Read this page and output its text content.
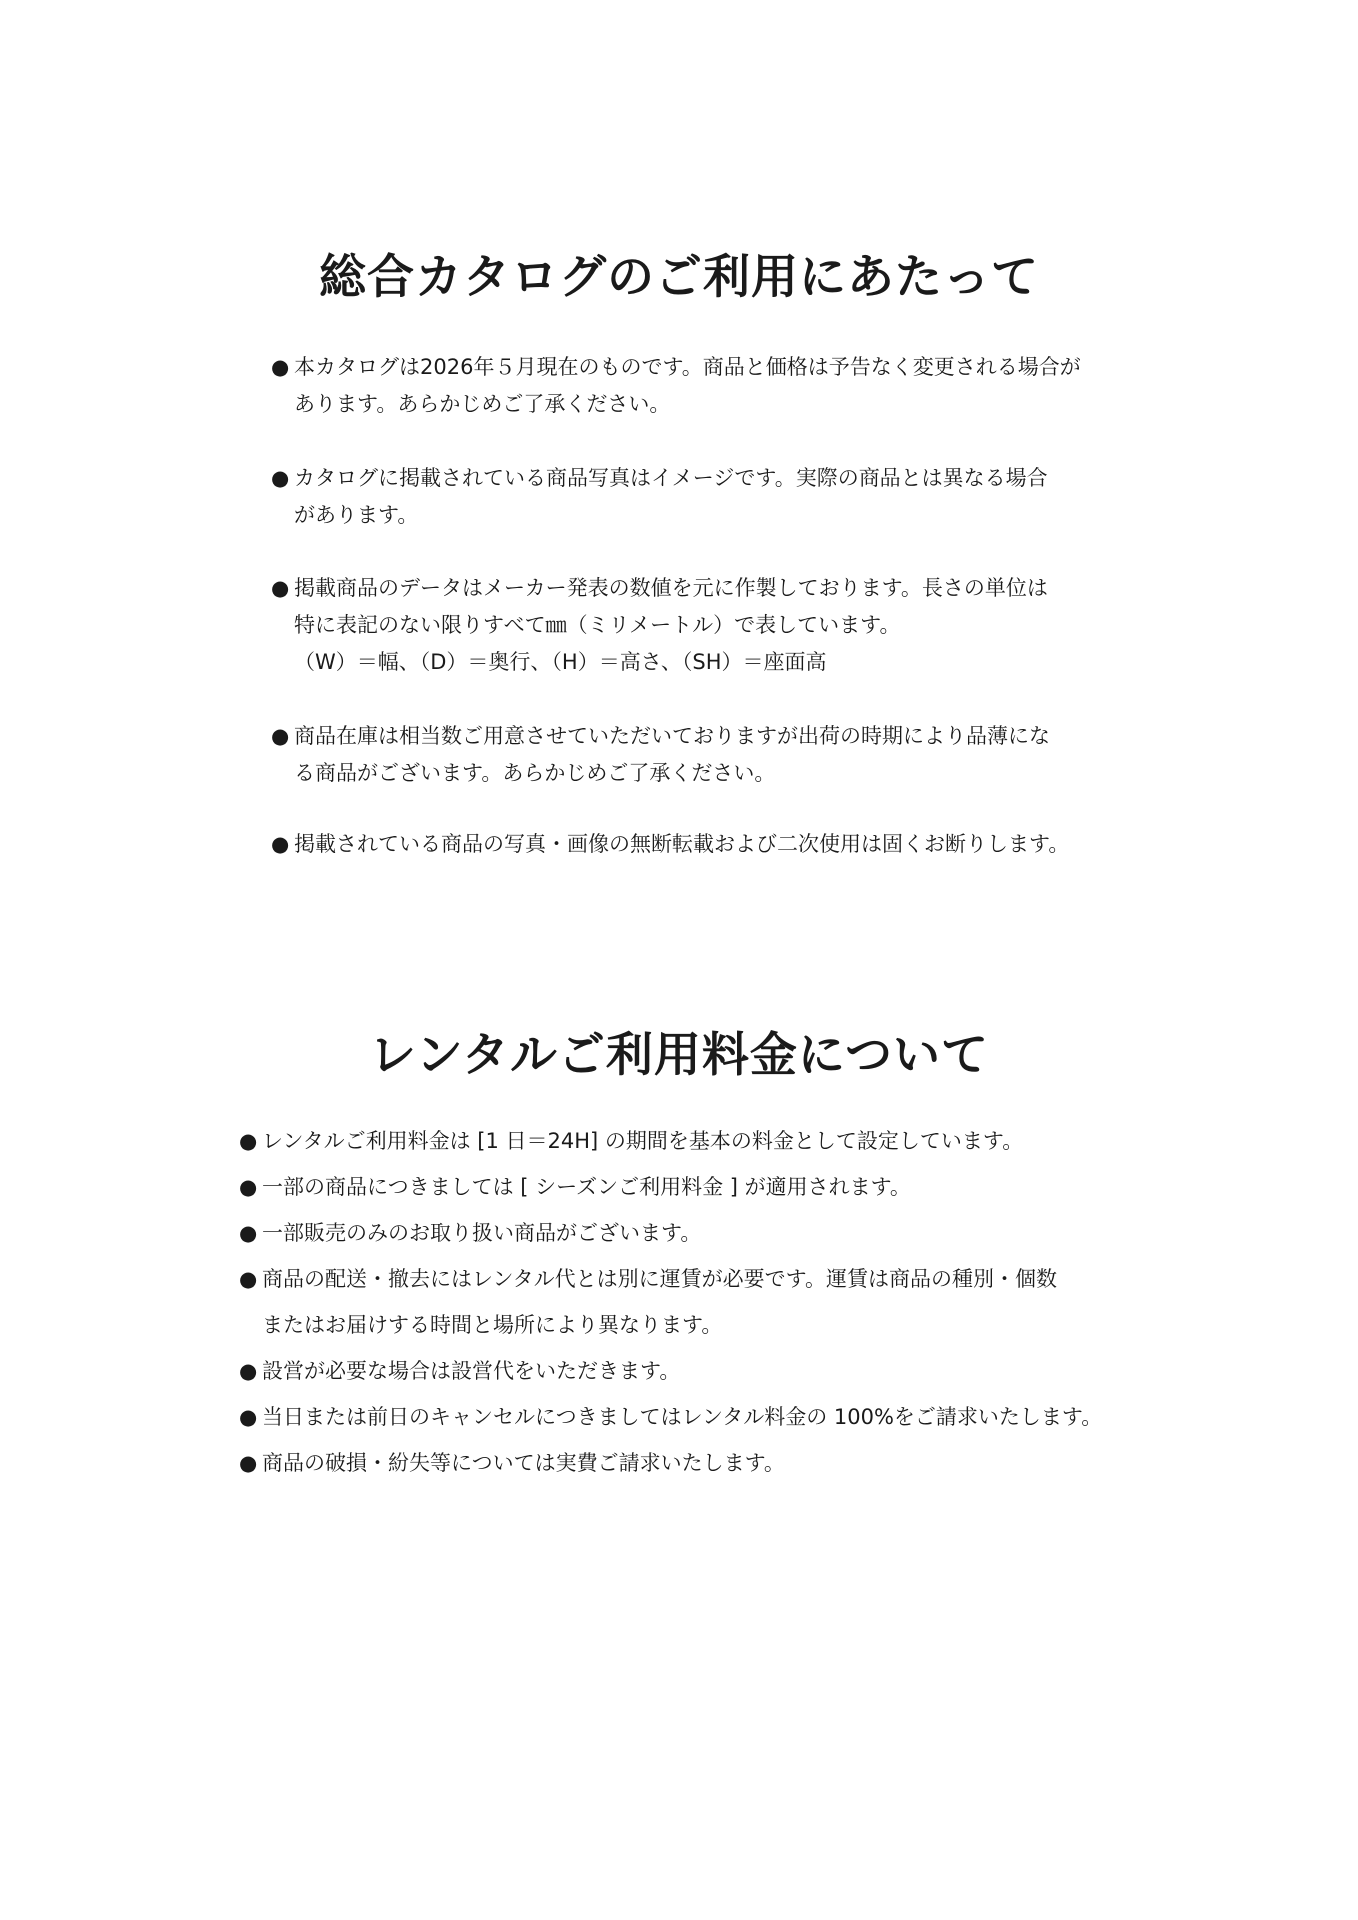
総合カタログのご利用にあたって
● 本カタログは2026年５月現在のものです。商品と価格は予告なく変更される場合が
あります。あらかじめご了承ください。
● カタログに掲載されている商品写真はイメージです。実際の商品とは異なる場合
があります。
● 掲載商品のデータはメーカー発表の数値を元に作製しております。長さの単位は
特に表記のない限りすべて㎜（ミリメートル）で表しています。
（W）＝幅、（D）＝奥行、（H）＝高さ、（SH）＝座面高
● 商品在庫は相当数ご用意させていただいておりますが出荷の時期により品薄にな
る商品がございます。あらかじめご了承ください。
● 掲載されている商品の写真・画像の無断転載および二次使用は固くお断りします。
レンタルご利用料金について
● レンタルご利用料金は [1 日＝24H] の期間を基本の料金として設定しています。
● 一部の商品につきましては [ シーズンご利用料金 ] が適用されます。
● 一部販売のみのお取り扱い商品がございます。
● 商品の配送・撤去にはレンタル代とは別に運賃が必要です。運賃は商品の種別・個数
またはお届けする時間と場所により異なります。
● 設営が必要な場合は設営代をいただきます。
● 当日または前日のキャンセルにつきましてはレンタル料金の 100%をご請求いたします。
● 商品の破損・紛失等については実費ご請求いたします。
